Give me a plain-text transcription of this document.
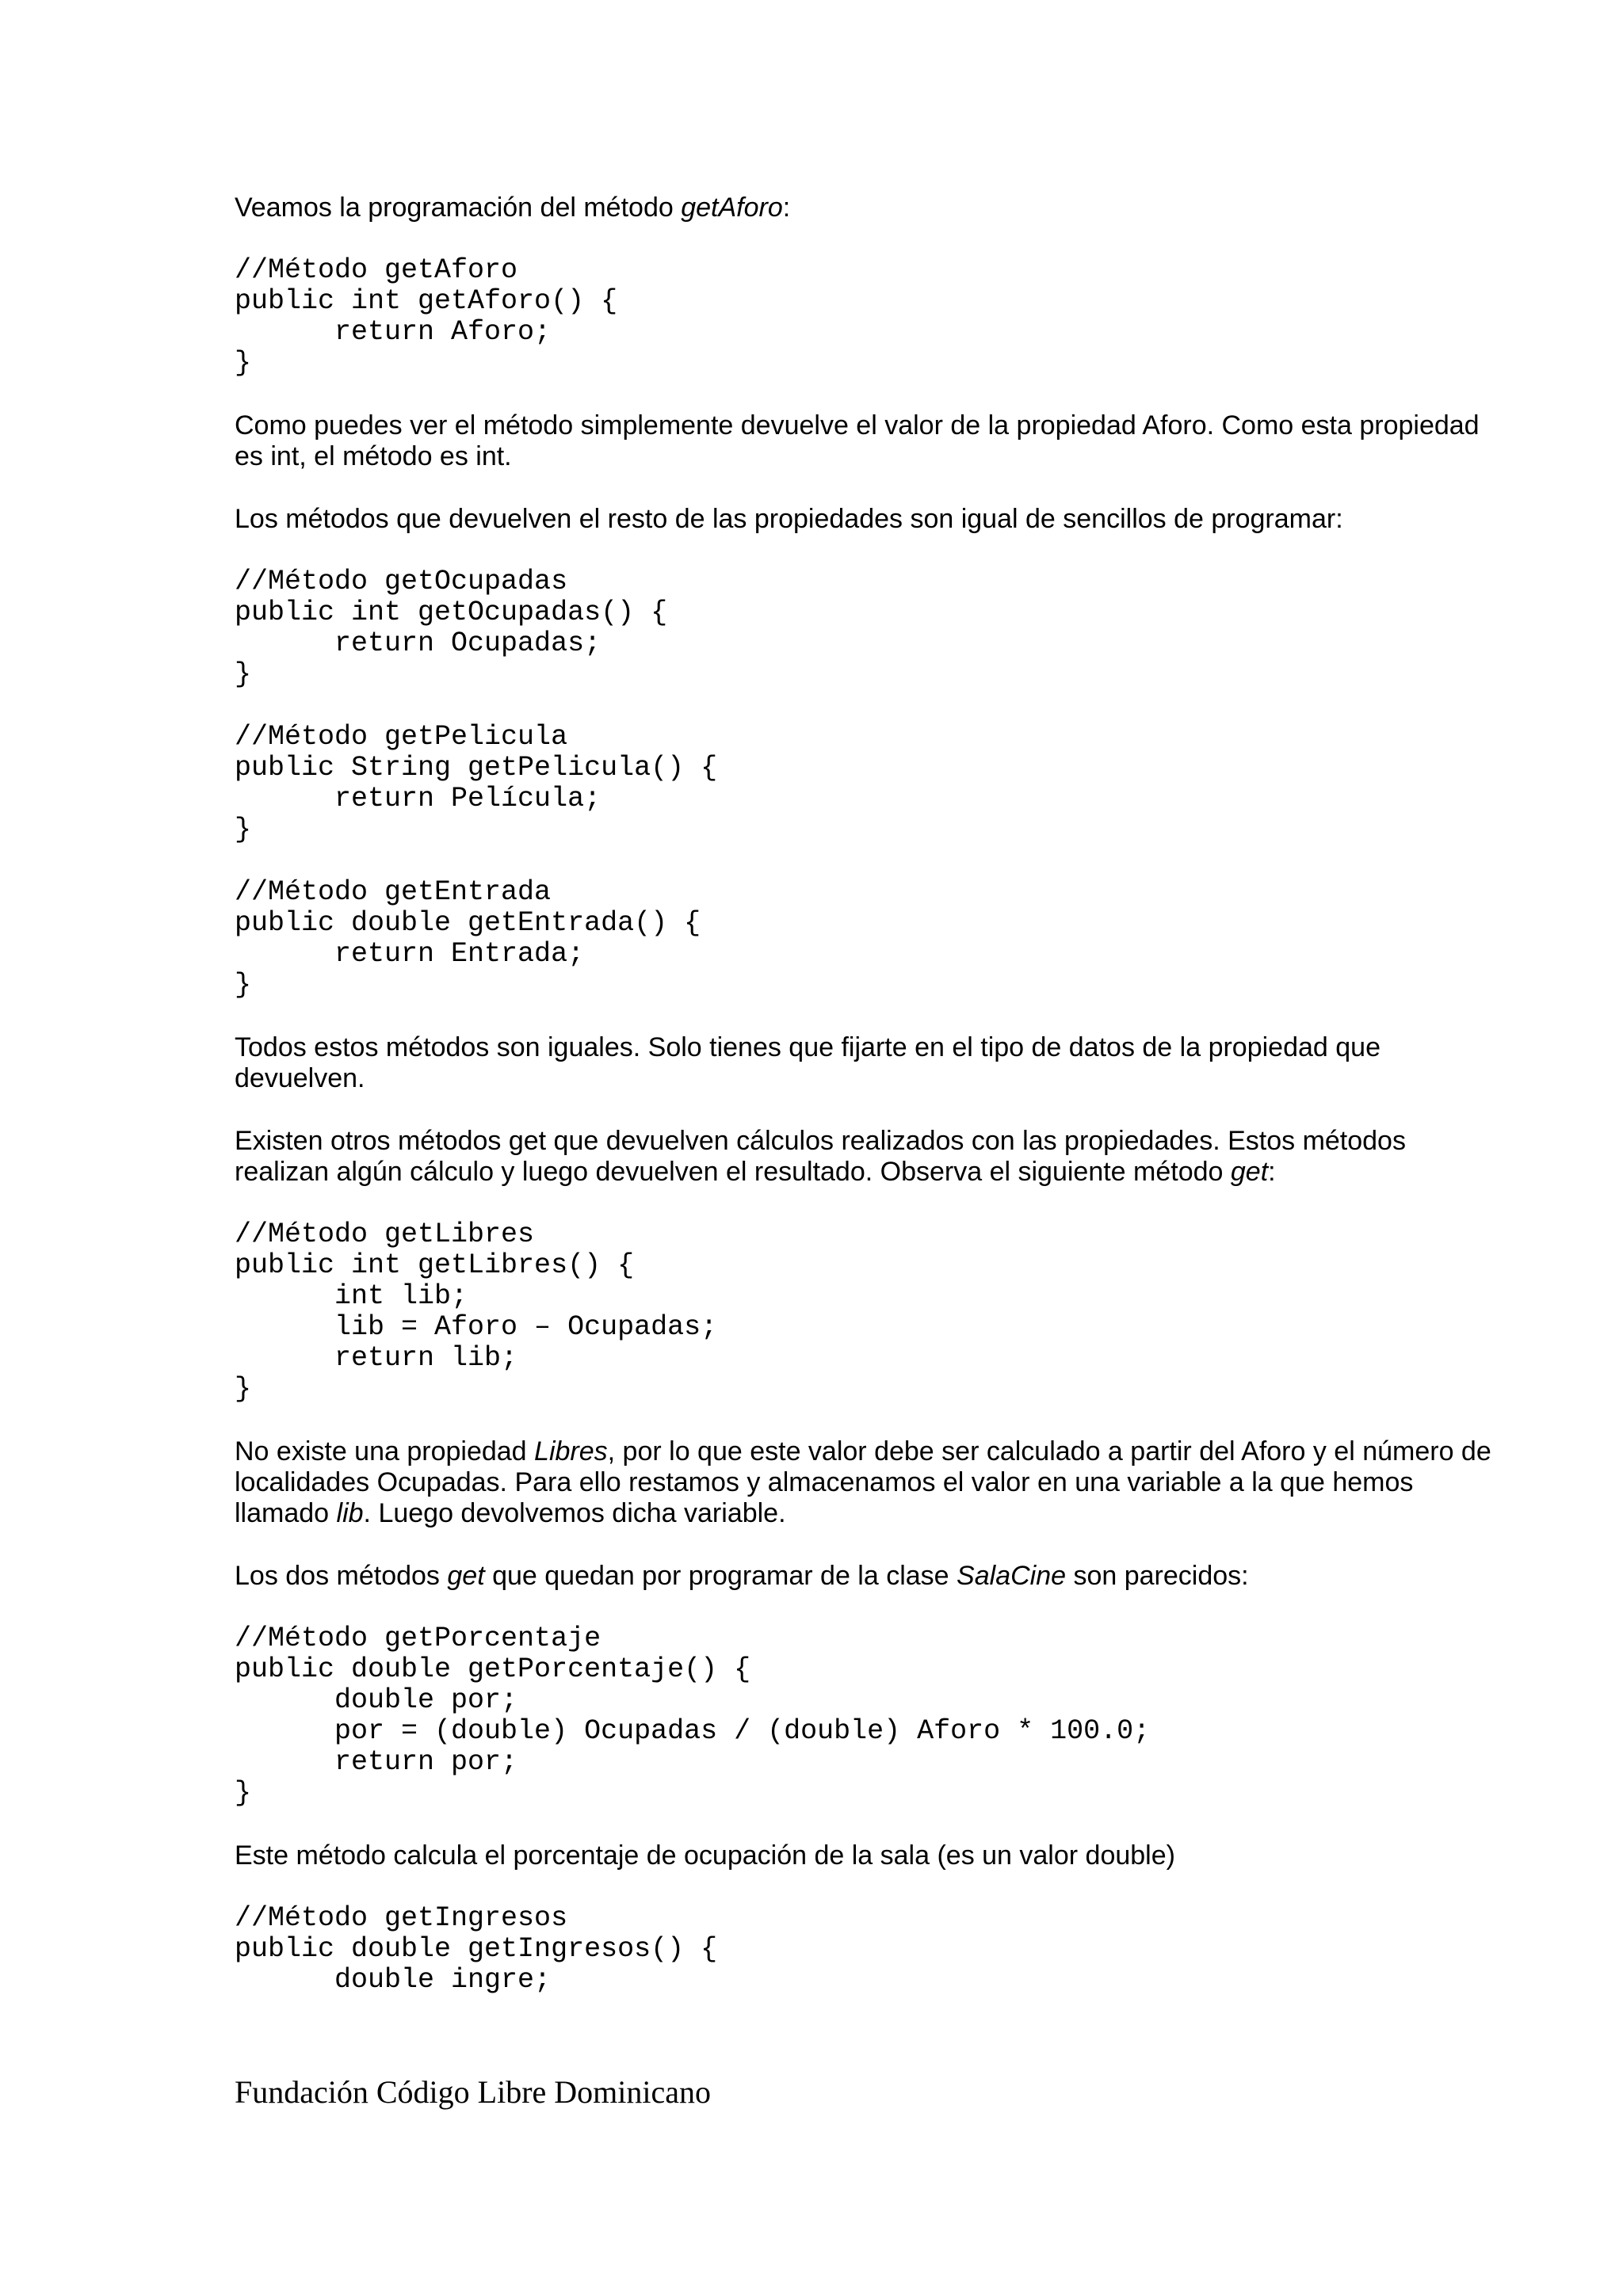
Veamos la programación del método getAforo:

//Método getAforo
public int getAforo() {
return Aforo;
}

Como puedes ver el método simplemente devuelve el valor de la propiedad Aforo. Como esta propiedad es int, el método es int.

Los métodos que devuelven el resto de las propiedades son igual de sencillos de programar:

//Método getOcupadas
public int getOcupadas() {
return Ocupadas;
}
//Método getPelicula
public String getPelicula() {
return Película;
}
//Método getEntrada
public double getEntrada() {
return Entrada;
}

Todos estos métodos son iguales. Solo tienes que fijarte en el tipo de datos de la propiedad que devuelven.

Existen otros métodos get que devuelven cálculos realizados con las propiedades. Estos métodos realizan algún cálculo y luego devuelven el resultado. Observa el siguiente método get:

//Método getLibres
public int getLibres() {
int lib;
lib = Aforo – Ocupadas;
return lib;
}

No existe una propiedad Libres, por lo que este valor debe ser calculado a partir del Aforo y el número de localidades Ocupadas. Para ello restamos y almacenamos el valor en una variable a la que hemos llamado lib. Luego devolvemos dicha variable.

Los dos métodos get que quedan por programar de la clase SalaCine son parecidos:

//Método getPorcentaje
public double getPorcentaje() {
double por;
por = (double) Ocupadas / (double) Aforo * 100.0;
return por;
}

Este método calcula el porcentaje de ocupación de la sala (es un valor double)

//Método getIngresos
public double getIngresos() {
double ingre;
Fundación Código Libre Dominicano
